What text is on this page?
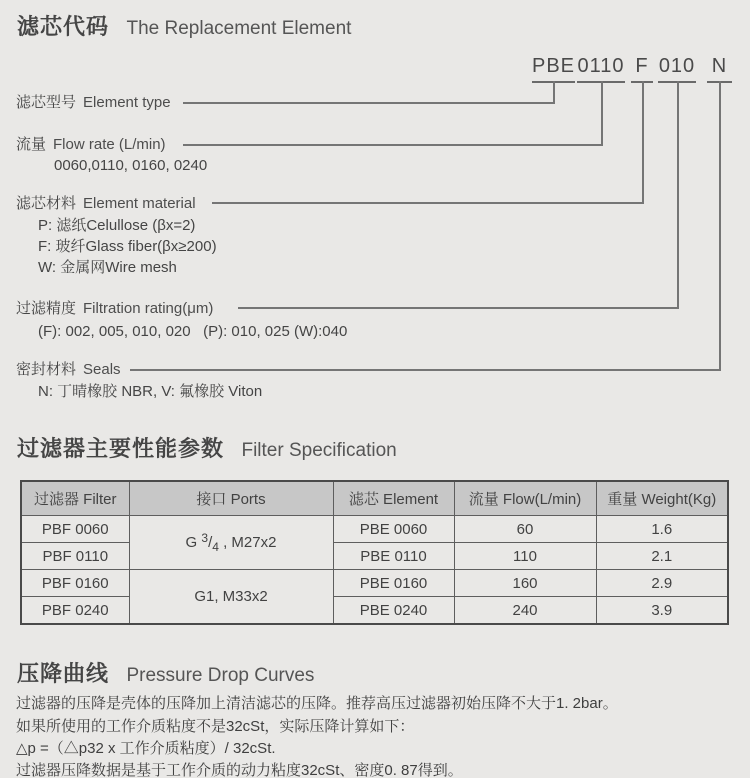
滤芯代码 The Replacement Element
PBE 0110 F 010 N
滤芯型号 Element type
流量 Flow rate (L/min)
0060,0110, 0160, 0240
滤芯材料 Element material
P: 滤纸Celullose (βx=2)
F: 玻纤Glass fiber(βx≥200)
W: 金属网Wire mesh
过滤精度 Filtration rating(μm)
(F): 002, 005, 010, 020   (P): 010, 025 (W):040
密封材料 Seals
N: 丁晴橡胶 NBR, V: 氟橡胶 Viton
过滤器主要性能参数 Filter Specification
过滤器 Filter	接口 Ports	滤芯 Element	流量 Flow(L/min)	重量 Weight(Kg)
PBF 0060	G $^3/_4$ , M27x2	PBE 0060	60	1.6
PBF 0110		PBE 0110	110	2.1
PBF 0160	G1, M33x2	PBE 0160	160	2.9
PBF 0240		PBE 0240	240	3.9
压降曲线 Pressure Drop Curves
过滤器的压降是壳体的压降加上清洁滤芯的压降。推荐高压过滤器初始压降不大于1. 2bar。
如果所使用的工作介质粘度不是32cSt，实际压降计算如下：
△p =（△p32 x 工作介质粘度）/ 32cSt.
过滤器压降数据是基于工作介质的动力粘度32cSt、密度0. 87得到。
